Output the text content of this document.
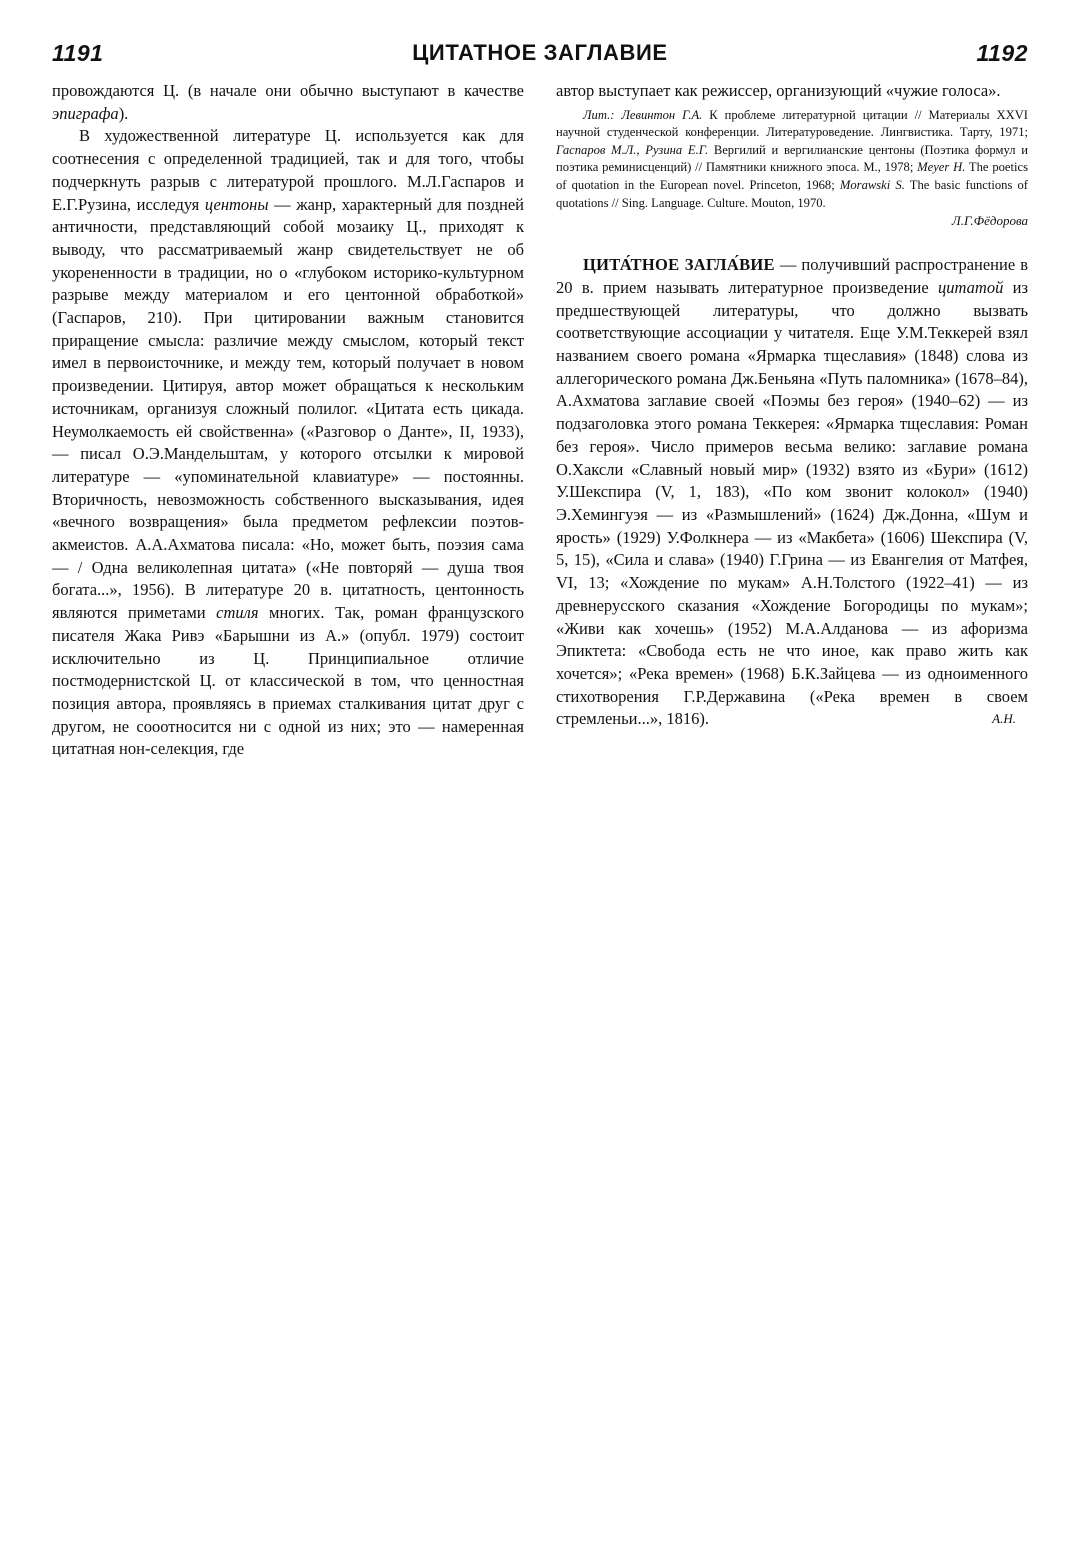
1191	ЦИТАТНОЕ ЗАГЛАВИЕ	1192

провождаются Ц. (в начале они обычно выступают в качестве эпиграфа).

В художественной литературе Ц. используется как для соотнесения с определенной традицией, так и для того, чтобы подчеркнуть разрыв с литературой прошлого. М.Л.Гаспаров и Е.Г.Рузина, исследуя центоны — жанр, характерный для поздней античности, представляющий собой мозаику Ц., приходят к выводу, что рассматриваемый жанр свидетельствует не об укорененности в традиции, но о «глубоком историко-культурном разрыве между материалом и его центонной обработкой» (Гаспаров, 210). При цитировании важным становится приращение смысла: различие между смыслом, который текст имел в первоисточнике, и между тем, который получает в новом произведении. Цитируя, автор может обращаться к нескольким источникам, организуя сложный полилог. «Цитата есть цикада. Неумолкаемость ей свойственна» («Разговор о Данте», II, 1933), — писал О.Э.Мандельштам, у которого отсылки к мировой литературе — «упоминательной клавиатуре» — постоянны. Вторичность, невозможность собственного высказывания, идея «вечного возвращения» была предметом рефлексии поэтов-акмеистов. А.А.Ахматова писала: «Но, может быть, поэзия сама — / Одна великолепная цитата» («Не повторяй — душа твоя богата...», 1956). В литературе 20 в. цитатность, центонность являются приметами стиля многих. Так, роман французского писателя Жака Ривэ «Барышни из А.» (опубл. 1979) состоит исключительно из Ц. Принципиальное отличие постмодернистской Ц. от классической в том, что ценностная позиция автора, проявляясь в приемах сталкивания цитат друг с другом, не сооотносится ни с одной из них; это — намеренная цитатная нон-селекция, где

автор выступает как режиссер, организующий «чужие голоса».

Лит.: Левинтон Г.А. К проблеме литературной цитации // Материалы XXVI научной студенческой конференции. Литературоведение. Лингвистика. Тарту, 1971; Гаспаров М.Л., Рузина Е.Г. Вергилий и вергилианские центоны (Поэтика формул и поэтика реминисценций) // Памятники книжного эпоса. М., 1978; Meyer H. The poetics of quotation in the European novel. Princeton, 1968; Morawski S. The basic functions of quotations // Sing. Language. Culture. Mouton, 1970.

Л.Г.Фёдорова

ЦИТА́ТНОЕ ЗАГЛА́ВИЕ — получивший распространение в 20 в. прием называть литературное произведение цитатой из предшествующей литературы, что должно вызвать соответствующие ассоциации у читателя. Еще У.М.Теккерей взял названием своего романа «Ярмарка тщеславия» (1848) слова из аллегорического романа Дж.Беньяна «Путь паломника» (1678–84), А.Ахматова заглавие своей «Поэмы без героя» (1940–62) — из подзаголовка этого романа Теккерея: «Ярмарка тщеславия: Роман без героя». Число примеров весьма велико: заглавие романа О.Хаксли «Славный новый мир» (1932) взято из «Бури» (1612) У.Шекспира (V, 1, 183), «По ком звонит колокол» (1940) Э.Хемингуэя — из «Размышлений» (1624) Дж.Донна, «Шум и ярость» (1929) У.Фолкнера — из «Макбета» (1606) Шекспира (V, 5, 15), «Сила и слава» (1940) Г.Грина — из Евангелия от Матфея, VI, 13; «Хождение по мукам» А.Н.Толстого (1922–41) — из древнерусского сказания «Хождение Богородицы по мукам»; «Живи как хочешь» (1952) М.А.Алданова — из афоризма Эпиктета: «Свобода есть не что иное, как право жить как хочется»; «Река времен» (1968) Б.К.Зайцева — из одноименного стихотворения Г.Р.Державина («Река времен в своем стремленьи...», 1816).	А.Н.
